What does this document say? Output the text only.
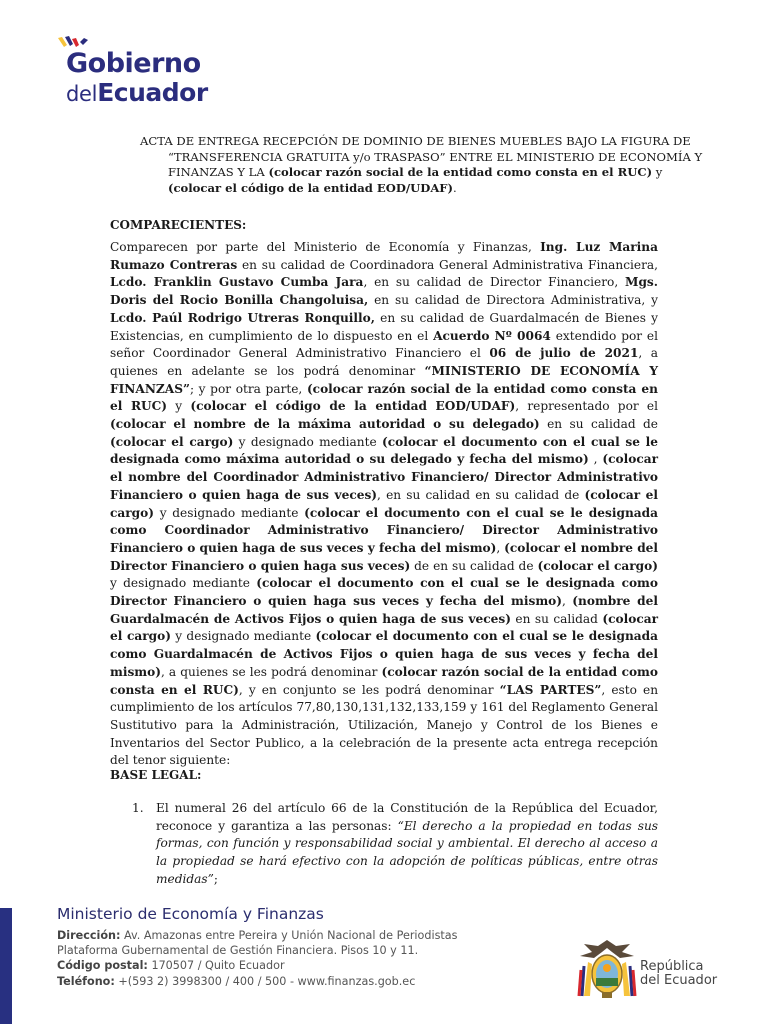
Gobierno
delEcuador
ACTA DE ENTREGA RECEPCIÓN DE DOMINIO DE BIENES MUEBLES BAJO LA FIGURA DE
“TRANSFERENCIA GRATUITA y/o TRASPASO” ENTRE EL MINISTERIO DE ECONOMÍA Y
FINANZAS Y LA (colocar razón social de la entidad como consta en el RUC) y
(colocar el código de la entidad EOD/UDAF).
COMPARECIENTES:
Comparecen por parte del Ministerio de Economía y Finanzas, Ing. Luz Marina Rumazo Contreras en su calidad de Coordinadora General Administrativa Financiera, Lcdo. Franklin Gustavo Cumba Jara, en su calidad de Director Financiero, Mgs. Doris del Rocio Bonilla Changoluisa, en su calidad de Directora Administrativa, y Lcdo. Paúl Rodrigo Utreras Ronquillo, en su calidad de Guardalmacén de Bienes y Existencias, en cumplimiento de lo dispuesto en el Acuerdo Nº 0064 extendido por el señor Coordinador General Administrativo Financiero el 06 de julio de 2021, a quienes en adelante se los podrá denominar “MINISTERIO DE ECONOMÍA Y FINANZAS”; y por otra parte, (colocar razón social de la entidad como consta en el RUC) y (colocar el código de la entidad EOD/UDAF), representado por el (colocar el nombre de la máxima autoridad o su delegado) en su calidad de (colocar el cargo) y designado mediante (colocar el documento con el cual se le designada como máxima autoridad o su delegado y fecha del mismo) , (colocar el nombre del Coordinador Administrativo Financiero/ Director Administrativo Financiero o quien haga de sus veces), en su calidad en su calidad de (colocar el cargo) y designado mediante (colocar el documento con el cual se le designada como Coordinador Administrativo Financiero/ Director Administrativo Financiero o quien haga de sus veces y fecha del mismo), (colocar el nombre del Director Financiero o quien haga sus veces) de en su calidad de (colocar el cargo) y designado mediante (colocar el documento con el cual se le designada como Director Financiero o quien haga sus veces y fecha del mismo), (nombre del Guardalmacén de Activos Fijos o quien haga de sus veces) en su calidad (colocar el cargo) y designado mediante (colocar el documento con el cual se le designada como Guardalmacén de Activos Fijos o quien haga de sus veces y fecha del mismo), a quienes se les podrá denominar (colocar razón social de la entidad como consta en el RUC), y en conjunto se les podrá denominar “LAS PARTES”, esto en cumplimiento de los artículos 77,80,130,131,132,133,159 y 161 del Reglamento General Sustitutivo para la Administración, Utilización, Manejo y Control de los Bienes e Inventarios del Sector Publico, a la celebración de la presente acta entrega recepción del tenor siguiente:
BASE LEGAL:
1. El numeral 26 del artículo 66 de la Constitución de la República del Ecuador, reconoce y garantiza a las personas: “El derecho a la propiedad en todas sus formas, con función y responsabilidad social y ambiental. El derecho al acceso a la propiedad se hará efectivo con la adopción de políticas públicas, entre otras medidas”;
Ministerio de Economía y Finanzas
Dirección: Av. Amazonas entre Pereira y Unión Nacional de Periodistas
Plataforma Gubernamental de Gestión Financiera. Pisos 10 y 11.
Código postal: 170507 / Quito Ecuador
Teléfono: +(593 2) 3998300 / 400 / 500 - www.finanzas.gob.ec
República
del Ecuador
